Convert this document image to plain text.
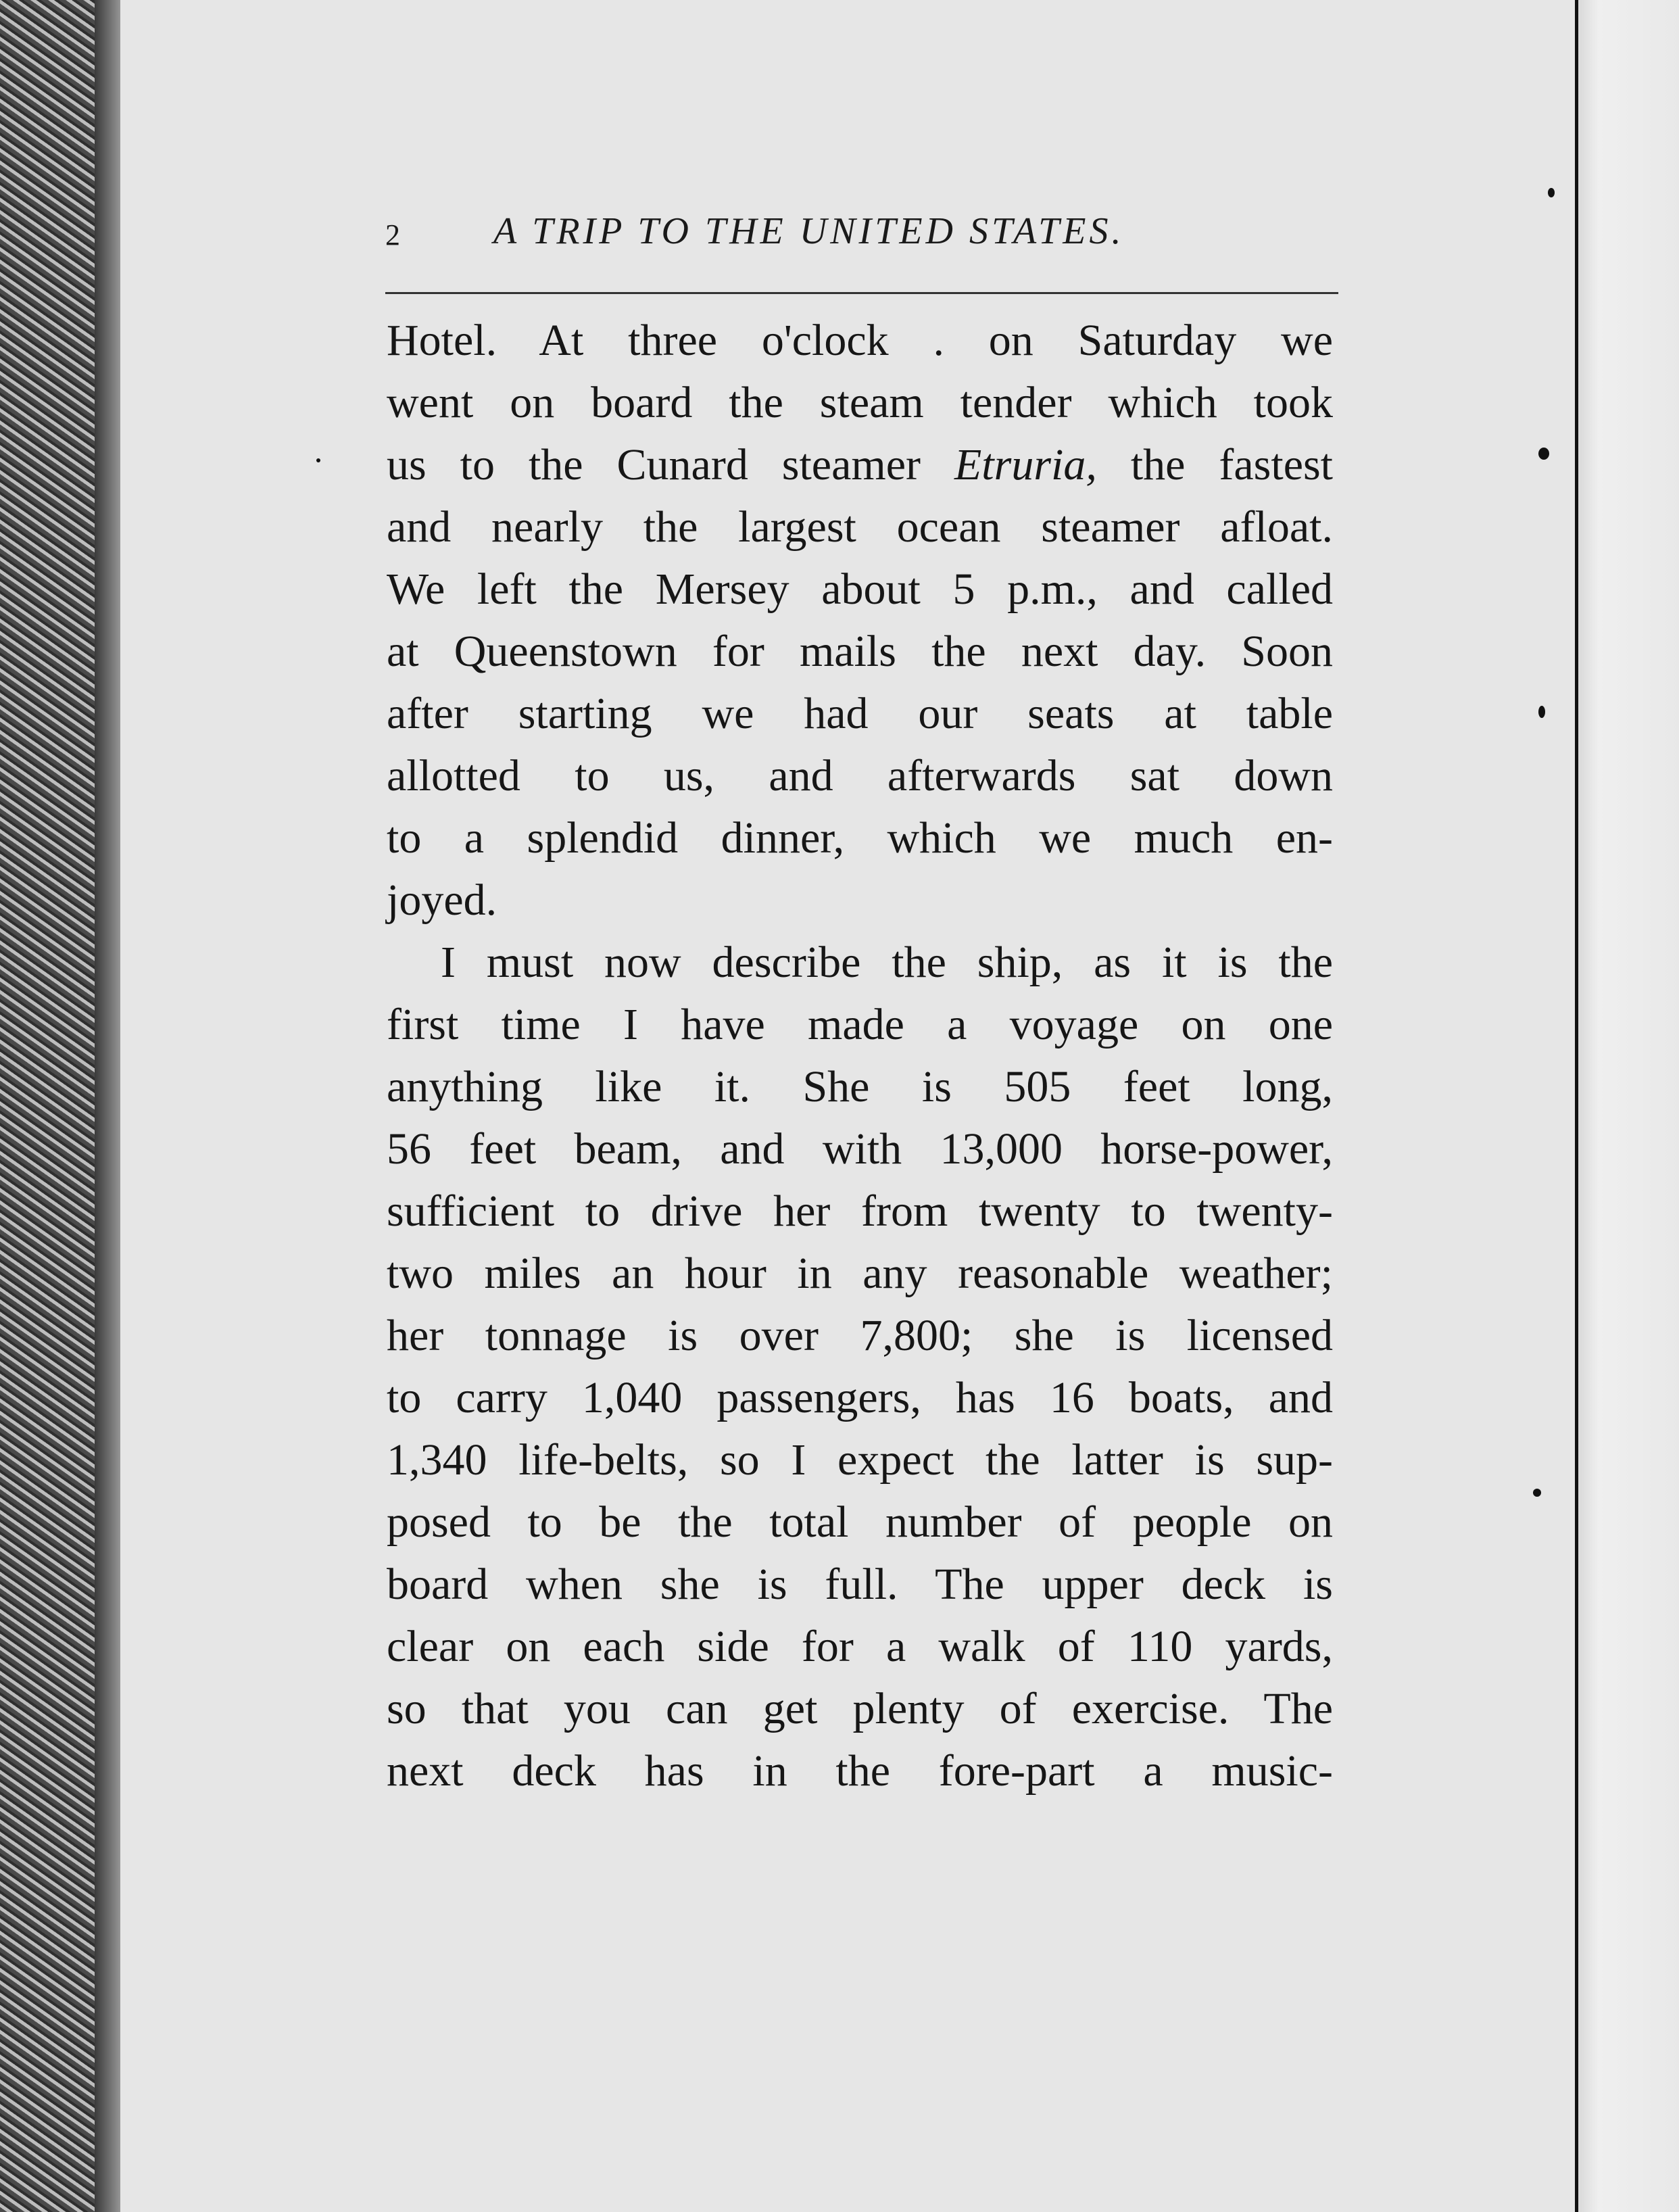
2 A TRIP TO THE UNITED STATES.
Hotel. At three o'clock . on Saturday we
went on board the steam tender which took
us to the Cunard steamer Etruria, the fastest
and nearly the largest ocean steamer afloat.
We left the Mersey about 5 p.m., and called
at Queenstown for mails the next day. Soon
after starting we had our seats at table
allotted to us, and afterwards sat down
to a splendid dinner, which we much en-
joyed.
I must now describe the ship, as it is the
first time I have made a voyage on one
anything like it. She is 505 feet long,
56 feet beam, and with 13,000 horse-power,
sufficient to drive her from twenty to twenty-
two miles an hour in any reasonable weather;
her tonnage is over 7,800; she is licensed
to carry 1,040 passengers, has 16 boats, and
1,340 life-belts, so I expect the latter is sup-
posed to be the total number of people on
board when she is full. The upper deck is
clear on each side for a walk of 110 yards,
so that you can get plenty of exercise. The
next deck has in the fore-part a music-
